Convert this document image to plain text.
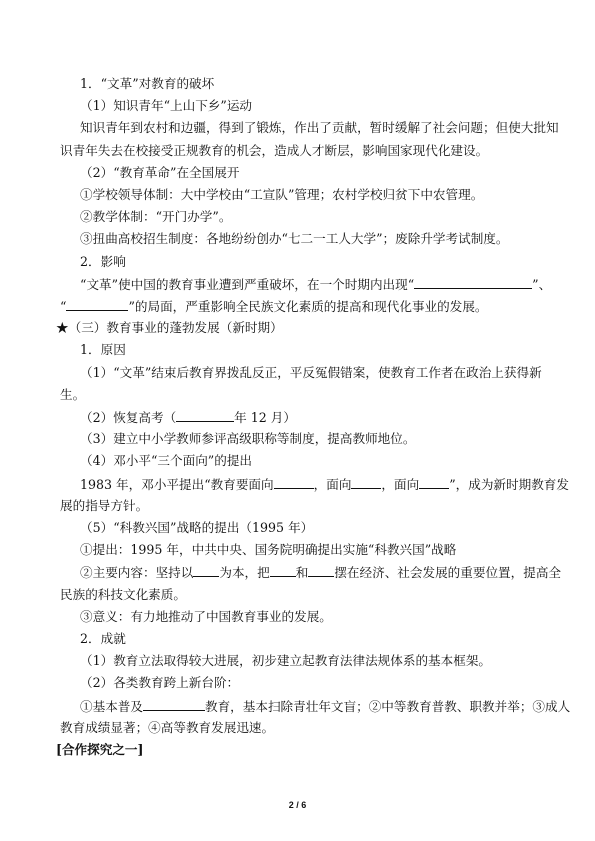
1．“文革”对教育的破坏
（1）知识青年“上山下乡”运动
知识青年到农村和边疆，得到了锻炼，作出了贡献，暂时缓解了社会问题；但使大批知
识青年失去在校接受正规教育的机会，造成人才断层，影响国家现代化建设。
（2）“教育革命”在全国展开
①学校领导体制：大中学校由“工宣队”管理；农村学校归贫下中农管理。
②教学体制：“开门办学”。
③扭曲高校招生制度：各地纷纷创办“七二一工人大学”；废除升学考试制度。
2．影响
“文革”使中国的教育事业遭到严重破坏，在一个时期内出现“	”、
“	”的局面，严重影响全民族文化素质的提高和现代化事业的发展。
★（三）教育事业的蓬勃发展（新时期）
1．原因
（1）“文革”结束后教育界拨乱反正，平反冤假错案，使教育工作者在政治上获得新
生。
（2）恢复高考（	年 12 月）
（3）建立中小学教师参评高级职称等制度，提高教师地位。
（4）邓小平“三个面向”的提出
1983 年，邓小平提出“教育要面向	，面向 ，面向 ”，成为新时期教育发
展的指导方针。
（5）“科教兴国”战略的提出（1995 年）
①提出：1995 年，中共中央、国务院明确提出实施“科教兴国”战略
②主要内容：坚持以 为本，把 和 摆在经济、社会发展的重要位置，提高全
民族的科技文化素质。
③意义：有力地推动了中国教育事业的发展。
2．成就
（1）教育立法取得较大进展，初步建立起教育法律法规体系的基本框架。
（2）各类教育跨上新台阶：
①基本普及	教育，基本扫除青壮年文盲；②中等教育普教、职教并举；③成人
教育成绩显著；④高等教育发展迅速。
[合作探究之一]
2 / 6
